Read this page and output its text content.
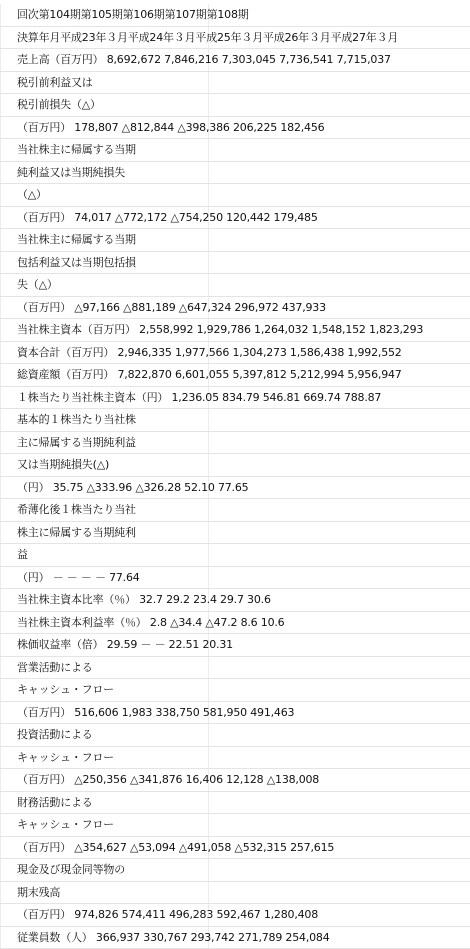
回次第104期第105期第106期第107期第108期
決算年月平成23年３月平成24年３月平成25年３月平成26年３月平成27年３月
売上高（百万円） 8,692,672 7,846,216 7,303,045 7,736,541 7,715,037
税引前利益又は
税引前損失（△）
（百万円） 178,807 △812,844 △398,386 206,225 182,456
当社株主に帰属する当期
純利益又は当期純損失
（△）
（百万円） 74,017 △772,172 △754,250 120,442 179,485
当社株主に帰属する当期
包括利益又は当期包括損
失（△）
（百万円） △97,166 △881,189 △647,324 296,972 437,933
当社株主資本（百万円） 2,558,992 1,929,786 1,264,032 1,548,152 1,823,293
資本合計（百万円） 2,946,335 1,977,566 1,304,273 1,586,438 1,992,552
総資産額（百万円） 7,822,870 6,601,055 5,397,812 5,212,994 5,956,947
１株当たり当社株主資本（円） 1,236.05 834.79 546.81 669.74 788.87
基本的１株当たり当社株
主に帰属する当期純利益
又は当期純損失(△)
（円） 35.75 △333.96 △326.28 52.10 77.65
希薄化後１株当たり当社
株主に帰属する当期純利
益
（円） － － － － 77.64
当社株主資本比率（％） 32.7 29.2 23.4 29.7 30.6
当社株主資本利益率（％） 2.8 △34.4 △47.2 8.6 10.6
株価収益率（倍） 29.59 － － 22.51 20.31
営業活動による
キャッシュ・フロー
（百万円） 516,606 1,983 338,750 581,950 491,463
投資活動による
キャッシュ・フロー
（百万円） △250,356 △341,876 16,406 12,128 △138,008
財務活動による
キャッシュ・フロー
（百万円） △354,627 △53,094 △491,058 △532,315 257,615
現金及び現金同等物の
期末残高
（百万円） 974,826 574,411 496,283 592,467 1,280,408
従業員数（人） 366,937 330,767 293,742 271,789 254,084
